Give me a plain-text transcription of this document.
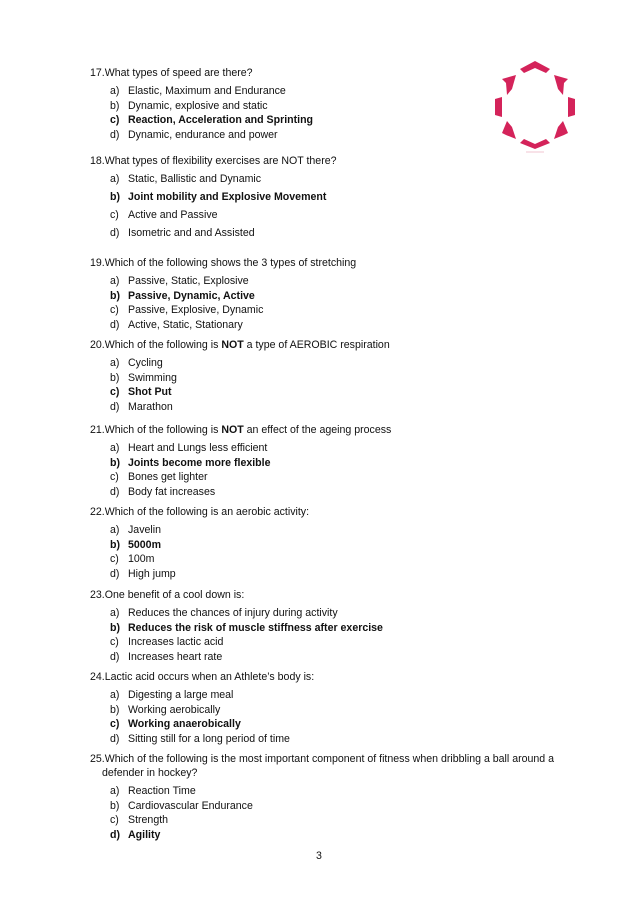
17.What types of speed are there?
a) Elastic, Maximum and Endurance
b) Dynamic, explosive and static
c) Reaction, Acceleration and Sprinting
d) Dynamic, endurance and power
18.What types of flexibility exercises are NOT there?
a) Static, Ballistic and Dynamic
b) Joint mobility and Explosive Movement
c) Active and Passive
d) Isometric and and Assisted
19.Which of the following shows the 3 types of stretching
a) Passive, Static, Explosive
b) Passive, Dynamic, Active
c) Passive, Explosive, Dynamic
d) Active, Static, Stationary
20.Which of the following is NOT a type of AEROBIC respiration
a) Cycling
b) Swimming
c) Shot Put
d) Marathon
21.Which of the following is NOT an effect of the ageing process
a) Heart and Lungs less efficient
b) Joints become more flexible
c) Bones get lighter
d) Body fat increases
22.Which of the following is an aerobic activity:
a) Javelin
b) 5000m
c) 100m
d) High jump
23.One benefit of a cool down is:
a) Reduces the chances of injury during activity
b) Reduces the risk of muscle stiffness after exercise
c) Increases lactic acid
d) Increases heart rate
24.Lactic acid occurs when an Athlete’s body is:
a) Digesting a large meal
b) Working aerobically
c) Working anaerobically
d) Sitting still for a long period of time
25.Which of the following is the most important component of fitness when dribbling a ball around a defender in hockey?
a) Reaction Time
b) Cardiovascular Endurance
c) Strength
d) Agility
3
